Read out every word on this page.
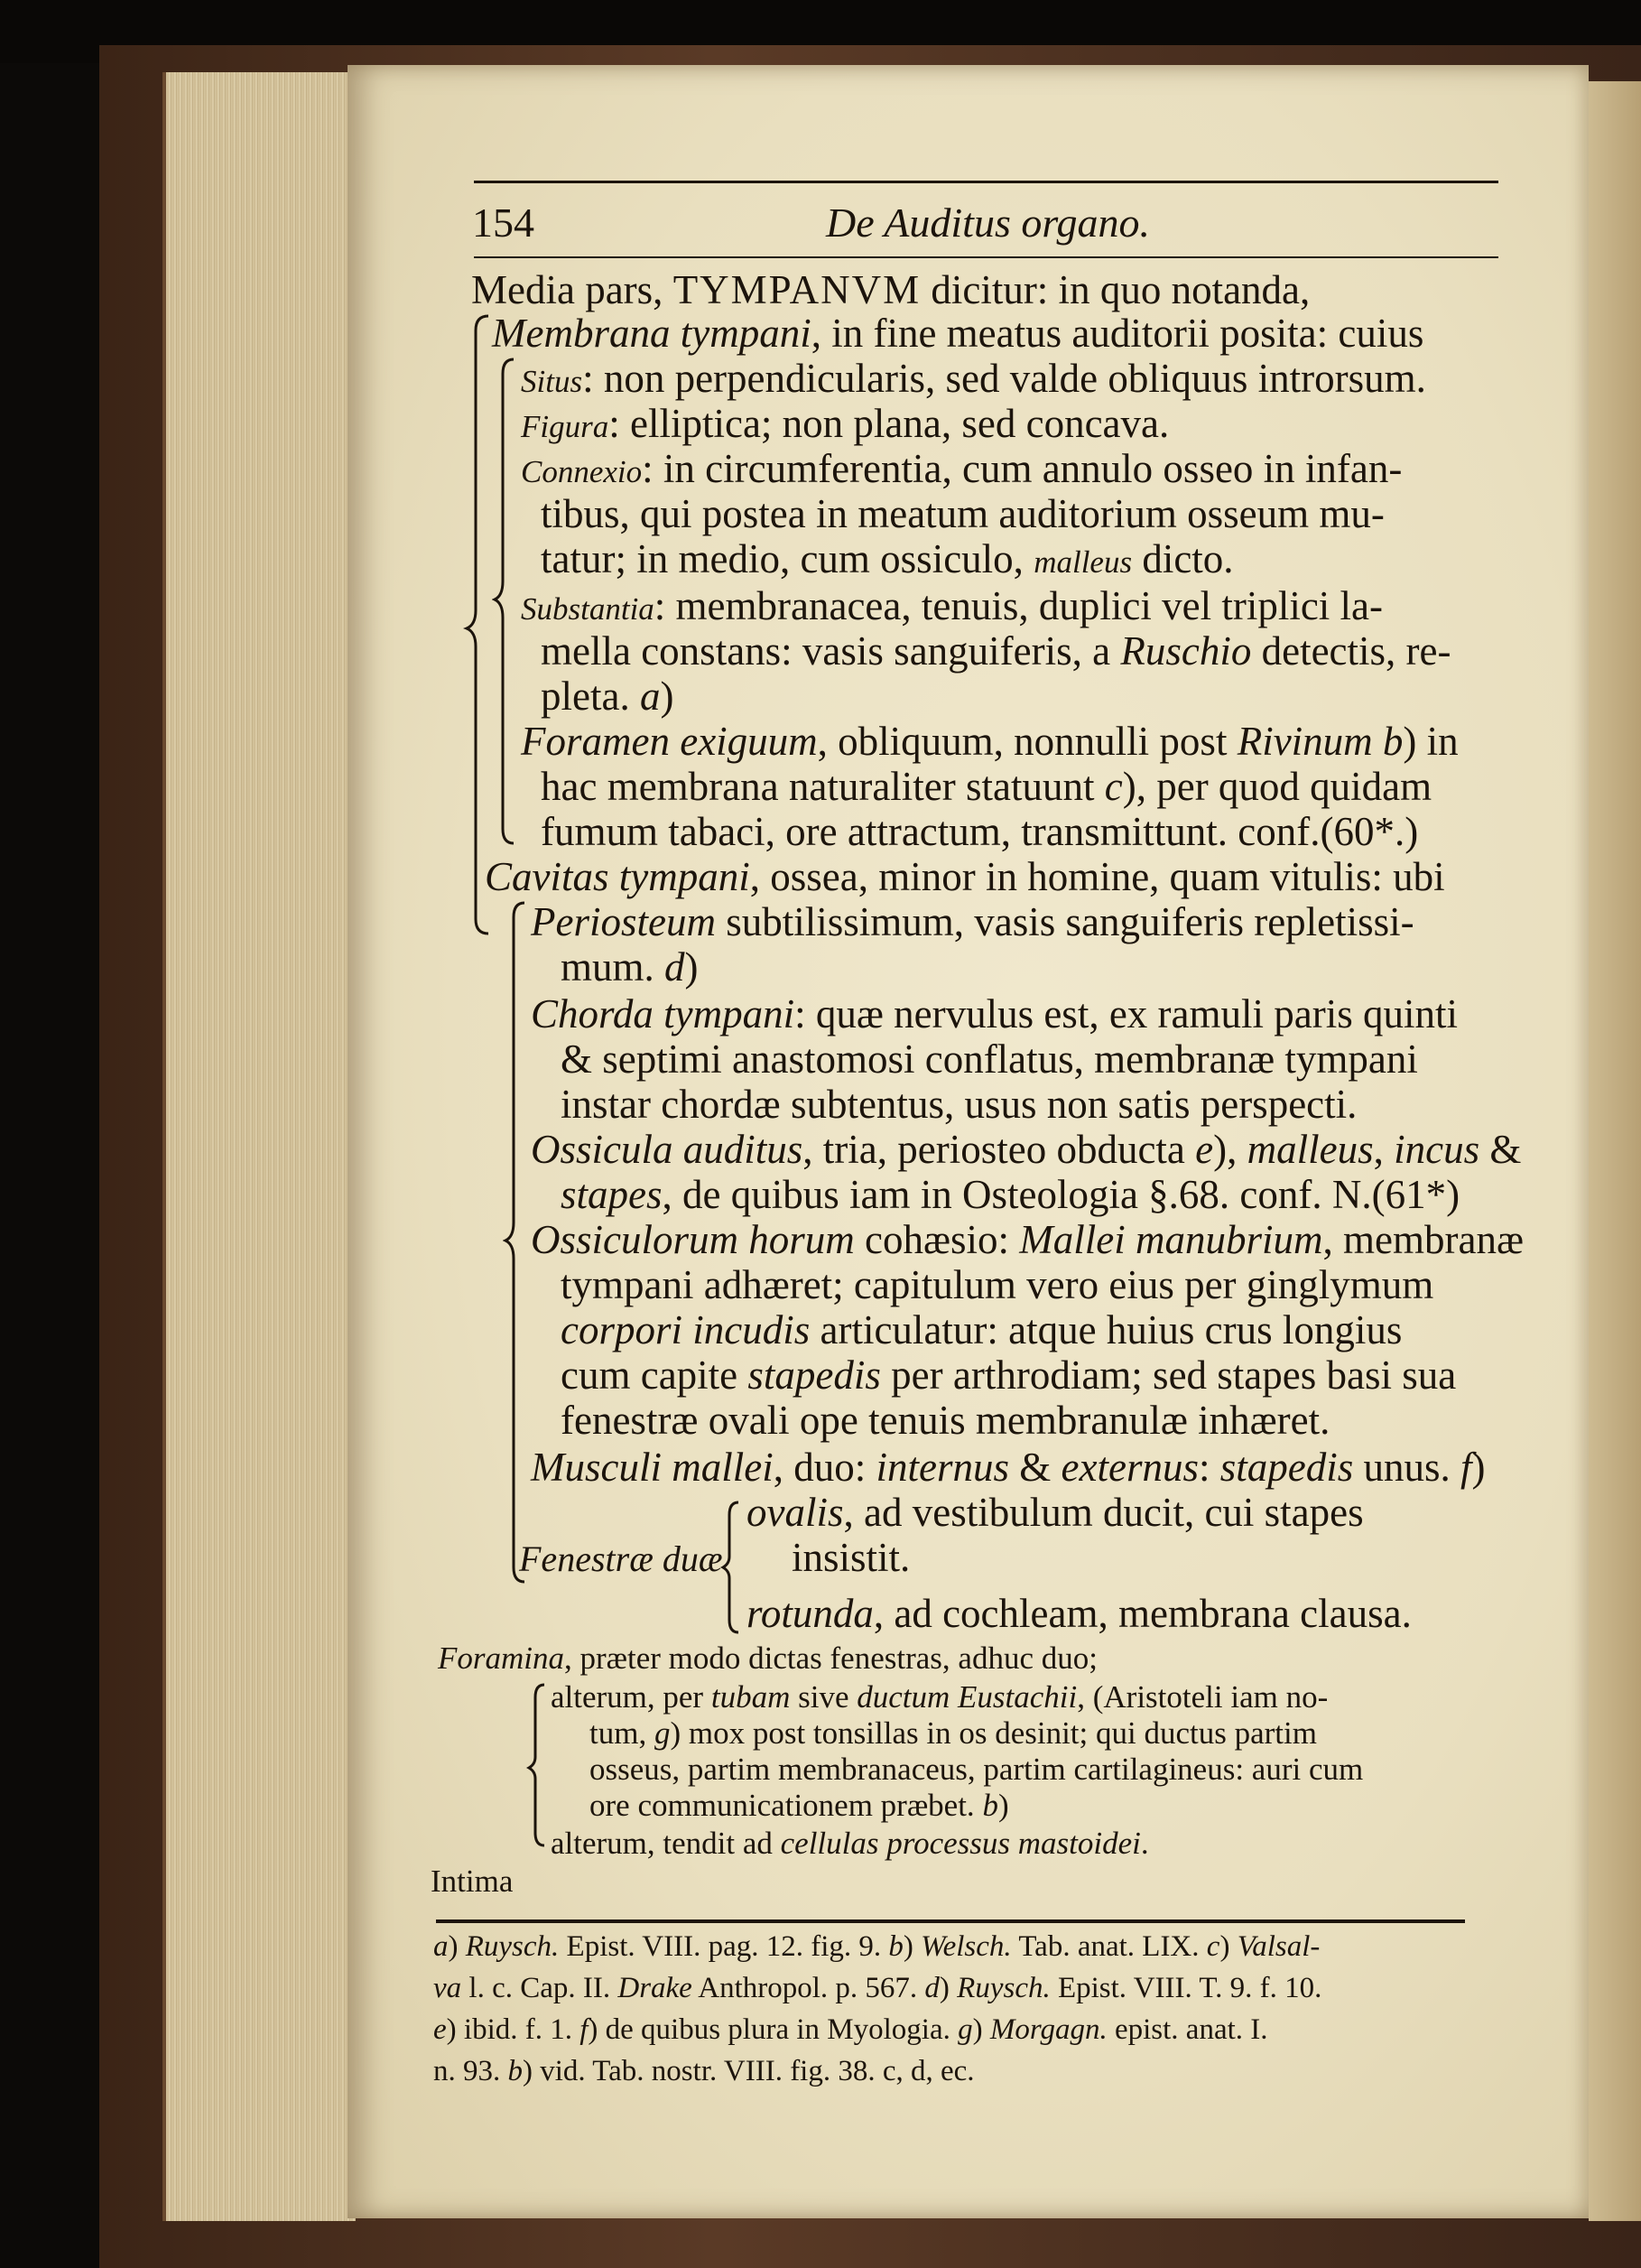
154	De Auditus organo.
Media pars, TYMPANVM dicitur: in quo notanda,
Membrana tympani, in fine meatus auditorii posita: cuius
Situs: non perpendicularis, sed valde obliquus introrsum.
Figura: elliptica; non plana, sed concava.
Connexio: in circumferentia, cum annulo osseo in infan-
tibus, qui postea in meatum auditorium osseum mu-
tatur; in medio, cum ossiculo, malleus dicto.
Substantia: membranacea, tenuis, duplici vel triplici la-
mella constans: vasis sanguiferis, a Ruschio detectis, re-
pleta. a)
Foramen exiguum, obliquum, nonnulli post Rivinum b) in
hac membrana naturaliter statuunt c), per quod quidam
fumum tabaci, ore attractum, transmittunt. conf.(60*.)
Cavitas tympani, ossea, minor in homine, quam vitulis: ubi
Periosteum subtilissimum, vasis sanguiferis repletissi-
mum. d)
Chorda tympani: quæ nervulus est, ex ramuli paris quinti
& septimi anastomosi conflatus, membranæ tympani
instar chordæ subtentus, usus non satis perspecti.
Ossicula auditus, tria, periosteo obducta e), malleus, incus &
stapes, de quibus iam in Osteologia §.68. conf. N.(61*)
Ossiculorum horum cohæsio: Mallei manubrium, membranæ
tympani adhæret; capitulum vero eius per ginglymum
corpori incudis articulatur: atque huius crus longius
cum capite stapedis per arthrodiam; sed stapes basi sua
fenestræ ovali ope tenuis membranulæ inhæret.
Musculi mallei, duo: internus & externus: stapedis unus. f)
Fenestræ duæ
ovalis, ad vestibulum ducit, cui stapes
insistit.
rotunda, ad cochleam, membrana clausa.
Foramina, præter modo dictas fenestras, adhuc duo;
alterum, per tubam sive ductum Eustachii, (Aristoteli iam no-
tum, g) mox post tonsillas in os desinit; qui ductus partim
osseus, partim membranaceus, partim cartilagineus: auri cum
ore communicationem præbet. b)
alterum, tendit ad cellulas processus mastoidei.
Intima
a) Ruysch. Epist. VIII. pag. 12. fig. 9. b) Welsch. Tab. anat. LIX. c) Valsal-
va l. c. Cap. II. Drake Anthropol. p. 567. d) Ruysch. Epist. VIII. T. 9. f. 10.
e) ibid. f. 1. f) de quibus plura in Myologia. g) Morgagn. epist. anat. I.
n. 93. b) vid. Tab. nostr. VIII. fig. 38. c, d, ec.
